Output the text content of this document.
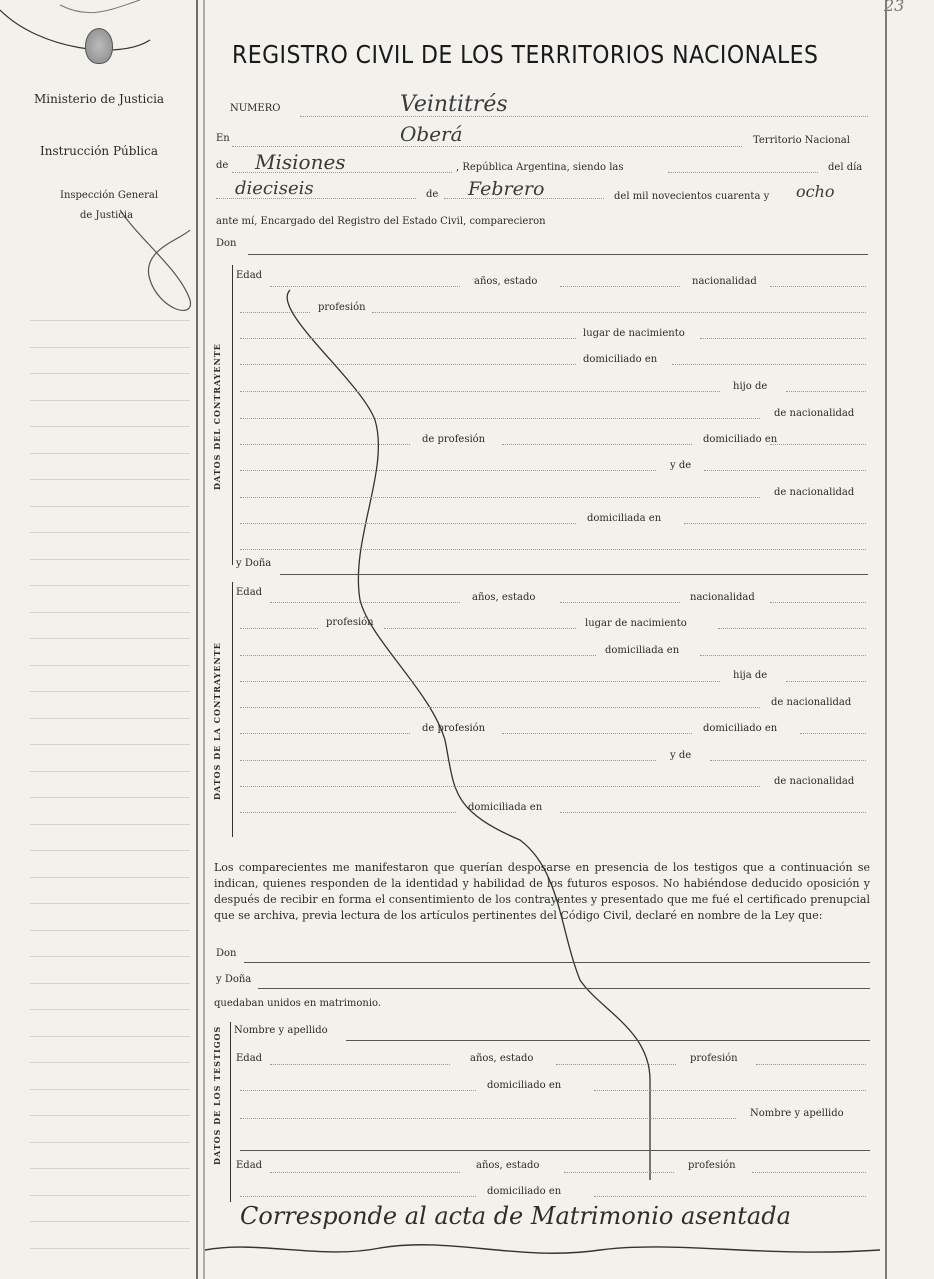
Ministerio de Justicia
Instrucción Pública
Inspección General
de Justicia
REGISTRO CIVIL DE LOS TERRITORIOS NACIONALES
23
NUMERO	Veintitrés
En	Oberá	Territorio Nacional
de Misiones	, República Argentina, siendo las	del día
dieciseis	de Febrero	del mil novecientos cuarenta y ocho
ante mí, Encargado del Registro del Estado Civil, comparecieron
Don
DATOS DEL CONTRAYENTE
Edad
años, estado	nacionalidad
profesión
lugar de nacimiento
domiciliado en
hijo de
de nacionalidad
de profesión	domiciliado en
y de
de nacionalidad
domiciliada en
y Doña
DATOS DE LA CONTRAYENTE
Edad	años, estado	nacionalidad
profesión	lugar de nacimiento
domiciliada en
hija de
de nacionalidad
de profesión	domiciliado en
y de
de nacionalidad
domiciliada en
Los comparecientes me manifestaron que querían desposarse en presencia de los testigos que a continuación se indican, quienes responden de la identidad y habilidad de los futuros esposos. No habiéndose deducido oposición y después de recibir en forma el consentimiento de los contrayentes y presentado que me fué el certificado prenupcial que se archiva, previa lectura de los artículos pertinentes del Código Civil, declaré en nombre de la Ley que:
Don
y Doña
quedaban unidos en matrimonio.
DATOS DE LOS TESTIGOS Nombre y apellido
Edad	años, estado	profesión
domiciliado en
Nombre y apellido
Edad	años, estado	profesión
domiciliado en
Corresponde al acta de Matrimonio asentada
